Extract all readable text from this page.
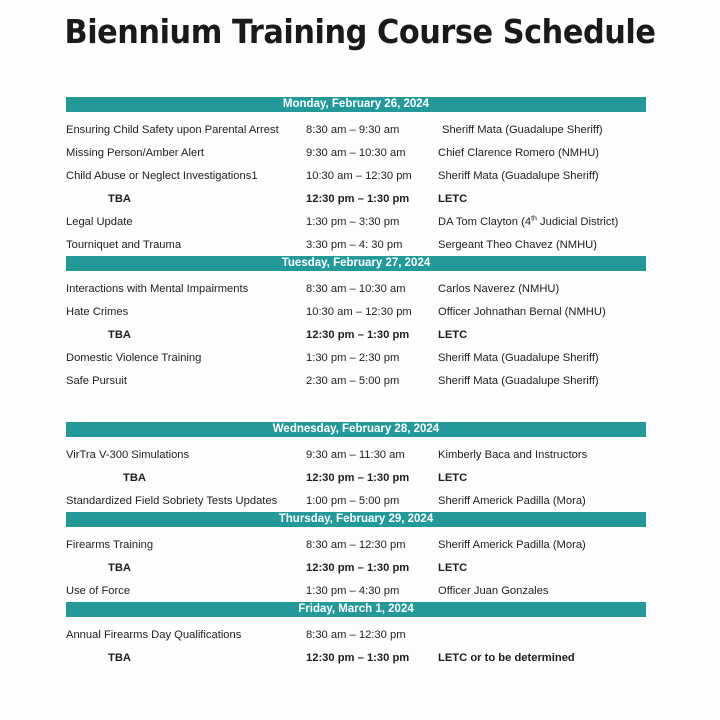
Biennium Training Course Schedule
Monday, February 26, 2024
Ensuring Child Safety upon Parental Arrest 8:30 am – 9:30 am	Sheriff Mata (Guadalupe Sheriff)
Missing Person/Amber Alert	9:30 am – 10:30 am	Chief Clarence Romero (NMHU)
Child Abuse or Neglect Investigations1	10:30 am – 12:30 pm Sheriff Mata (Guadalupe Sheriff)
TBA	12:30 pm – 1:30 pm	LETC
Legal Update	1:30 pm – 3:30 pm	DA Tom Clayton (4th Judicial District)
Tourniquet and Trauma	3:30 pm – 4: 30 pm	Sergeant Theo Chavez (NMHU)
Tuesday, February 27, 2024
Interactions with Mental Impairments	8:30 am – 10:30 am	Carlos Naverez (NMHU)
Hate Crimes	10:30 am – 12:30 pm Officer Johnathan Bernal (NMHU)
TBA	12:30 pm – 1:30 pm	LETC
Domestic Violence Training	1:30 pm – 2:30 pm	Sheriff Mata (Guadalupe Sheriff)
Safe Pursuit	2:30 am – 5:00 pm	Sheriff Mata (Guadalupe Sheriff)
Wednesday, February 28, 2024
VirTra V-300 Simulations	9:30 am – 11:30 am	Kimberly Baca and Instructors
TBA	12:30 pm – 1:30 pm	LETC
Standardized Field Sobriety Tests Updates	1:00 pm – 5:00 pm	Sheriff Americk Padilla (Mora)
Thursday, February 29, 2024
Firearms Training	8:30 am – 12:30 pm	Sheriff Americk Padilla (Mora)
TBA	12:30 pm – 1:30 pm	LETC
Use of Force	1:30 pm – 4:30 pm	Officer Juan Gonzales
Friday, March 1, 2024
Annual Firearms Day Qualifications	8:30 am – 12:30 pm
TBA	12:30 pm – 1:30 pm	LETC or to be determined
